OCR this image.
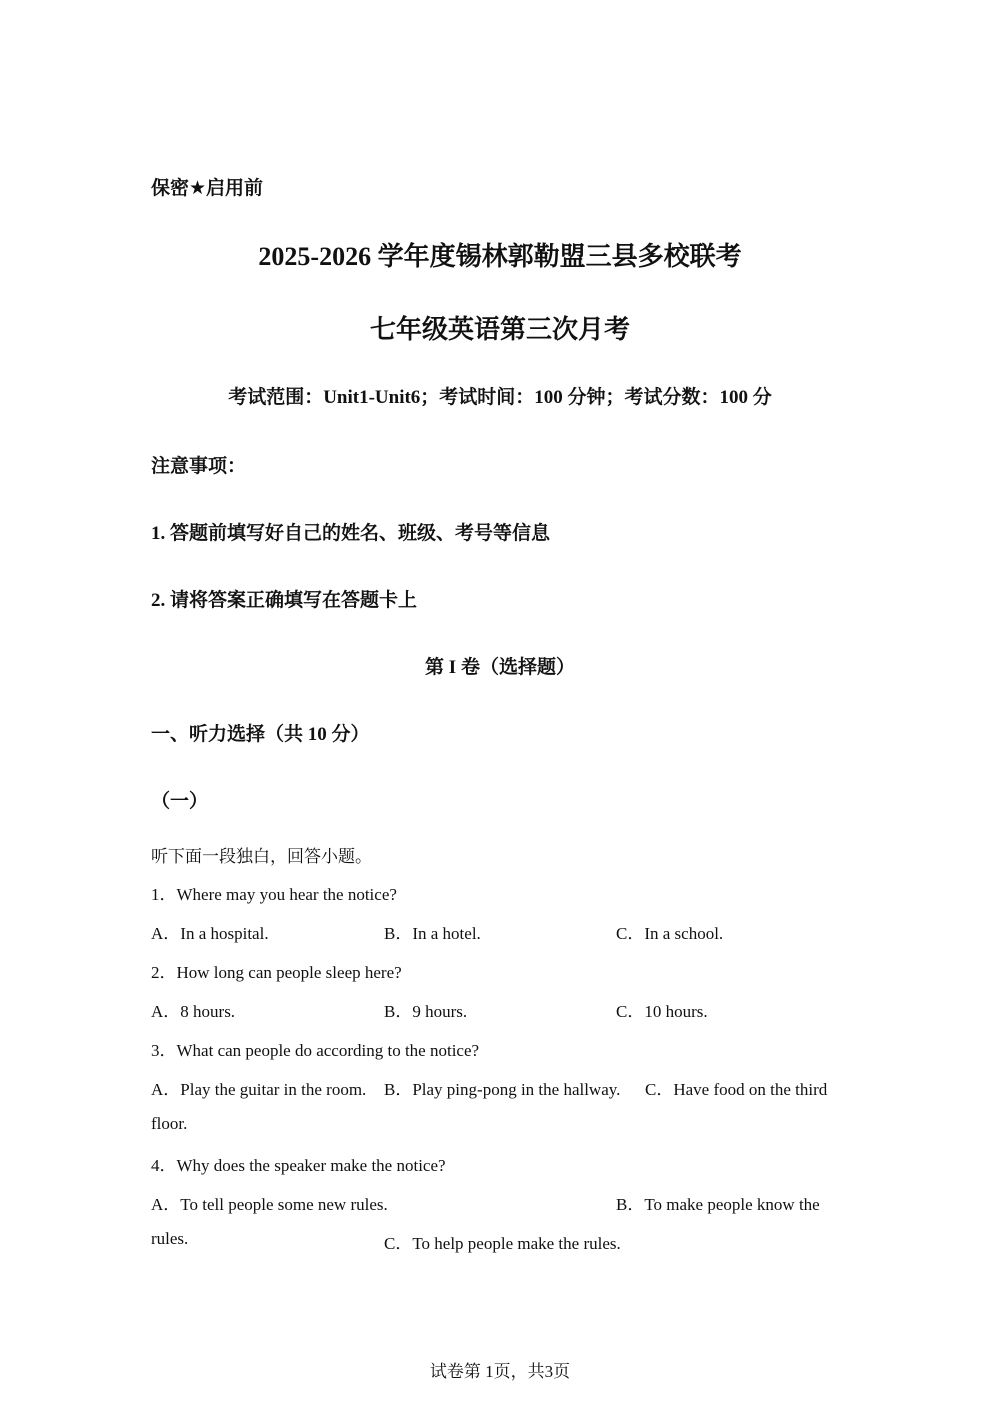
保密★启用前
2025-2026 学年度锡林郭勒盟三县多校联考
七年级英语第三次月考
考试范围：Unit1-Unit6；考试时间：100 分钟；考试分数：100 分
注意事项：
1. 答题前填写好自己的姓名、班级、考号等信息
2. 请将答案正确填写在答题卡上
第 I 卷（选择题）
一、听力选择（共 10 分）
（一）
听下面一段独白，回答小题。
1．Where may you hear the notice?
A．In a hospital.	B．In a hotel.	C．In a school.
2．How long can people sleep here?
A．8 hours.	B．9 hours.	C．10 hours.
3．What can people do according to the notice?
A．Play the guitar in the room. B．Play ping-pong in the hallway. C．Have food on the third
floor.
4．Why does the speaker make the notice?
A．To tell people some new rules.	B．To make people know the
rules.	C．To help people make the rules.
试卷第 1页，共3页
